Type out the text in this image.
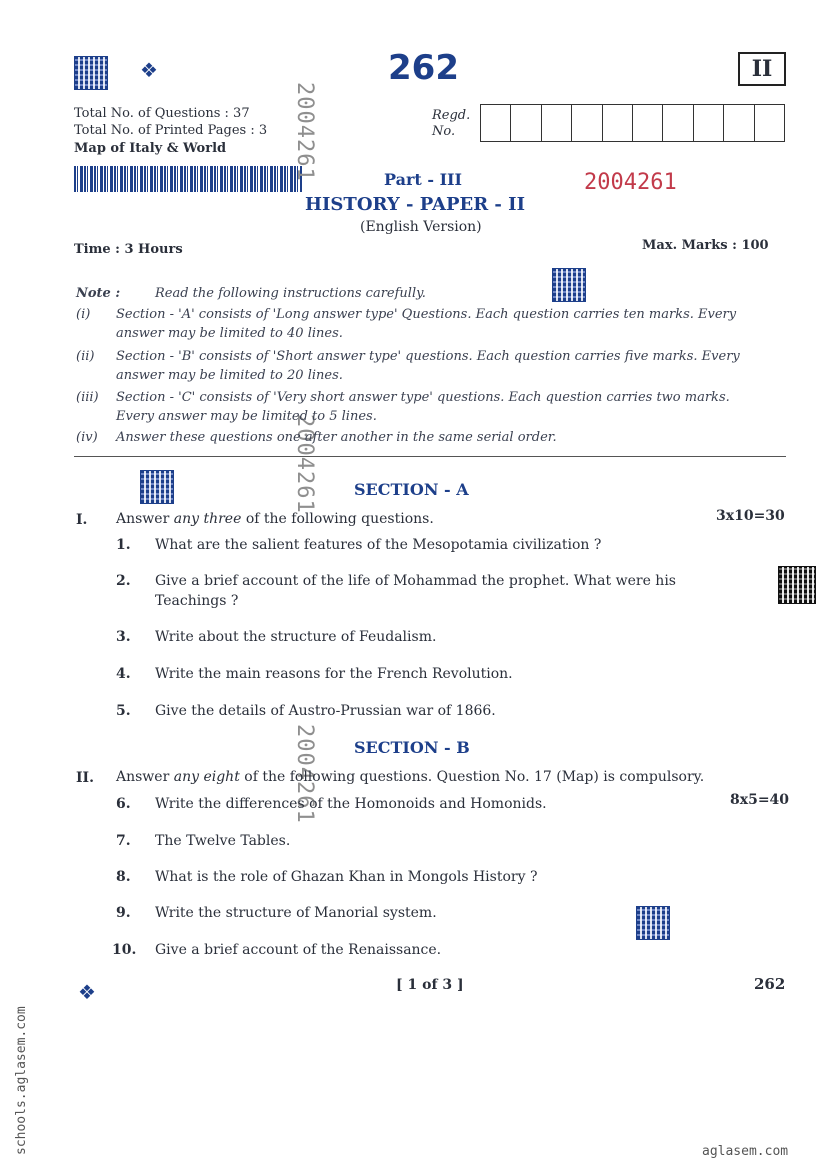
❖	262	II
Total No. of Questions : 37
Total No. of Printed Pages : 3
Map of Italy & World
Regd.
No.
Part - III	2004261
HISTORY - PAPER - II
(English Version)
Time : 3 Hours	Max. Marks : 100
2004261
2004261
2004261
Note :	Read the following instructions carefully.
(i) Section - 'A' consists of 'Long answer type' Questions. Each question carries ten marks. Every
answer may be limited to 40 lines.
(ii) Section - 'B' consists of 'Short answer type' questions. Each question carries five marks. Every
answer may be limited to 20 lines.
(iii) Section - 'C' consists of 'Very short answer type' questions. Each question carries two marks.
Every answer may be limited to 5 lines.
(iv) Answer these questions one after another in the same serial order.
SECTION - A
I. Answer any three of the following questions.	3x10=30
1. What are the salient features of the Mesopotamia civilization ?
2. Give a brief account of the life of Mohammad the prophet. What were his
Teachings ?
3. Write about the structure of Feudalism.
4. Write the main reasons for the French Revolution.
5. Give the details of Austro-Prussian war of 1866.
SECTION - B
II. Answer any eight of the following questions. Question No. 17 (Map) is compulsory.
8x5=40
6. Write the differences of the Homonoids and Homonids.
7. The Twelve Tables.
8. What is the role of Ghazan Khan in Mongols History ?
9. Write the structure of Manorial system.
10. Give a brief account of the Renaissance.
❖	[ 1 of 3 ]	262
schools.aglasem.com	aglasem.com
